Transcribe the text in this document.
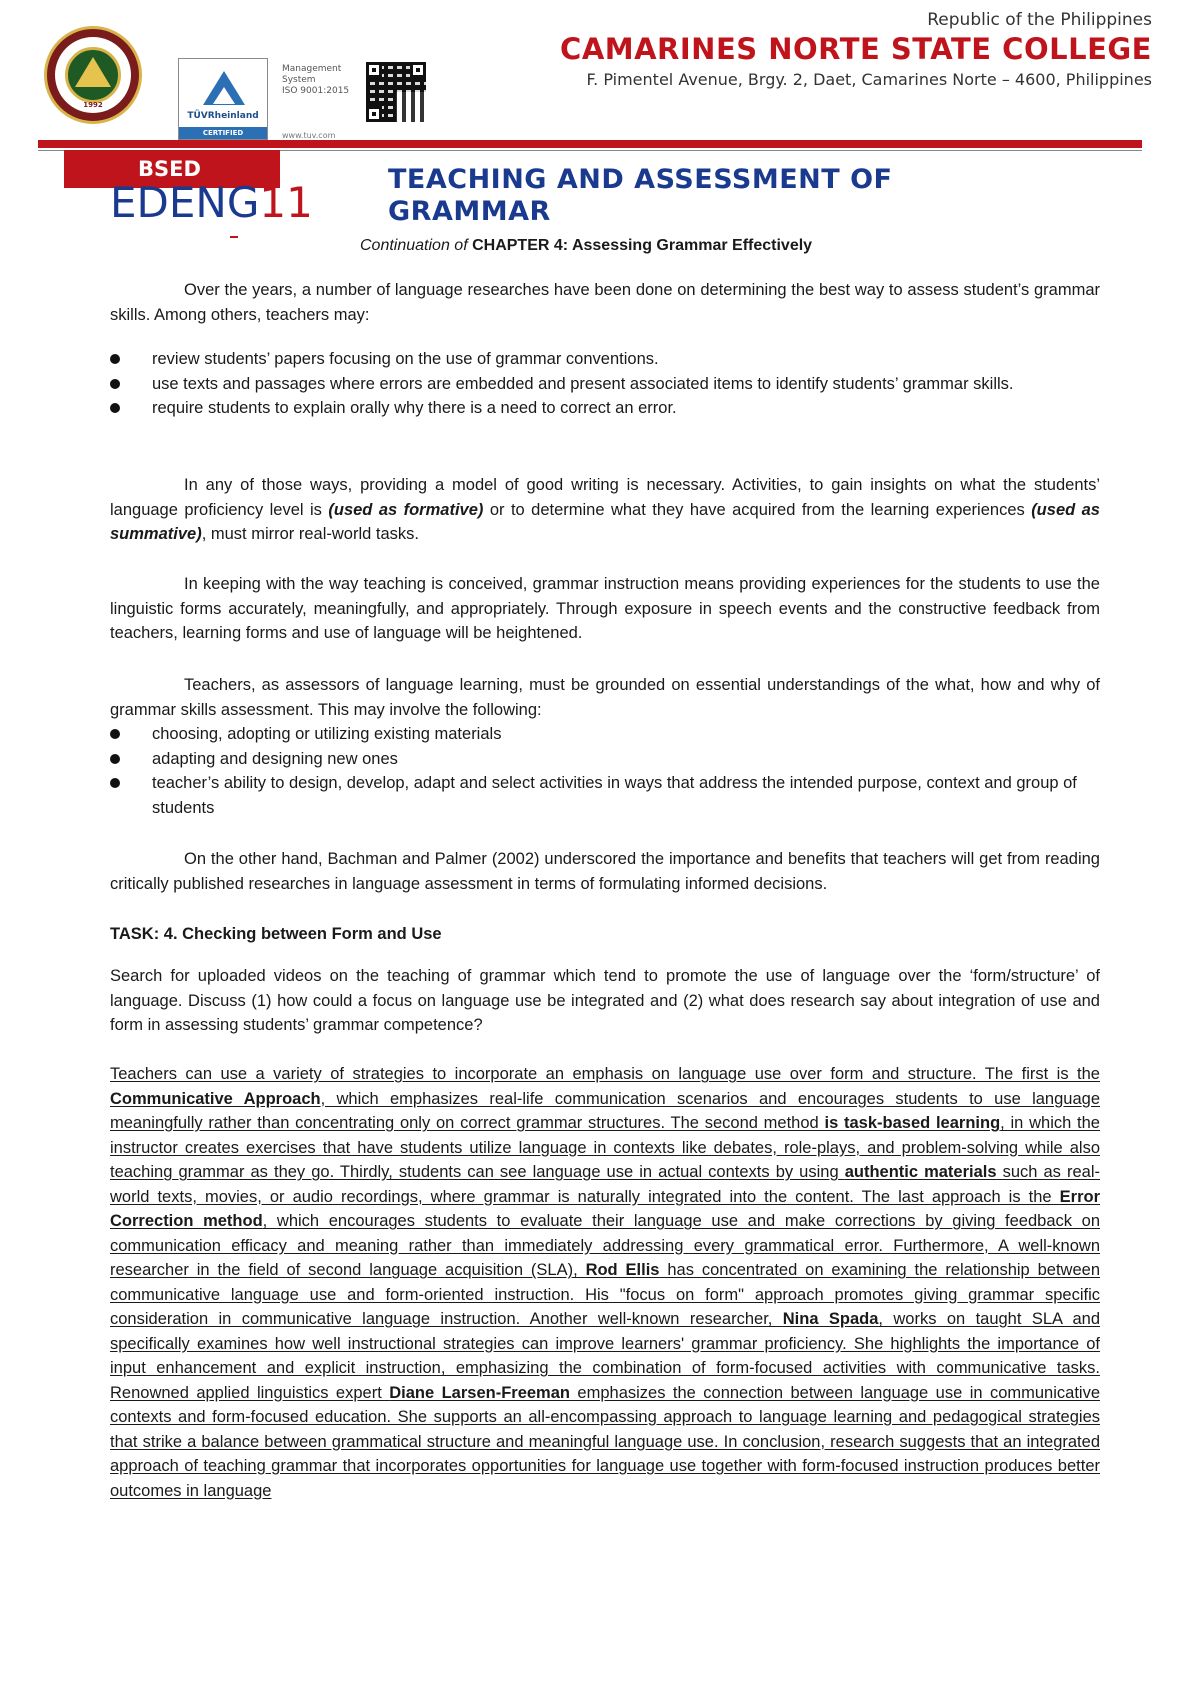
1992
TÜVRheinland
CERTIFIED
Management
System
ISO 9001:2015
www.tuv.com
Republic of the Philippines
CAMARINES NORTE STATE COLLEGE
F. Pimentel Avenue, Brgy. 2, Daet, Camarines Norte – 4600, Philippines
BSED
EDENG11	TEACHING AND ASSESSMENT OF GRAMMAR
Continuation of CHAPTER 4: Assessing Grammar Effectively

Over the years, a number of language researches have been done on determining the best way to assess student’s grammar skills. Among others, teachers may:

review students’ papers focusing on the use of grammar conventions.
use texts and passages where errors are embedded and present associated items to identify students’ grammar skills.
require students to explain orally why there is a need to correct an error.

In any of those ways, providing a model of good writing is necessary. Activities, to gain insights on what the students’ language proficiency level is (used as formative) or to determine what they have acquired from the learning experiences (used as summative), must mirror real-world tasks.

In keeping with the way teaching is conceived, grammar instruction means providing experiences for the students to use the linguistic forms accurately, meaningfully, and appropriately. Through exposure in speech events and the constructive feedback from teachers, learning forms and use of language will be heightened.

Teachers, as assessors of language learning, must be grounded on essential understandings of the what, how and why of grammar skills assessment. This may involve the following:

choosing, adopting or utilizing existing materials
adapting and designing new ones
teacher’s ability to design, develop, adapt and select activities in ways that address the intended purpose, context and group of students

On the other hand, Bachman and Palmer (2002) underscored the importance and benefits that teachers will get from reading critically published researches in language assessment in terms of formulating informed decisions.

TASK: 4. Checking between Form and Use

Search for uploaded videos on the teaching of grammar which tend to promote the use of language over the ‘form/structure’ of language. Discuss (1) how could a focus on language use be integrated and (2) what does research say about integration of use and form in assessing students’ grammar competence?

Teachers can use a variety of strategies to incorporate an emphasis on language use over form and structure. The first is the Communicative Approach, which emphasizes real-life communication scenarios and encourages students to use language meaningfully rather than concentrating only on correct grammar structures. The second method is task-based learning, in which the instructor creates exercises that have students utilize language in contexts like debates, role-plays, and problem-solving while also teaching grammar as they go. Thirdly, students can see language use in actual contexts by using authentic materials such as real-world texts, movies, or audio recordings, where grammar is naturally integrated into the content. The last approach is the Error Correction method, which encourages students to evaluate their language use and make corrections by giving feedback on communication efficacy and meaning rather than immediately addressing every grammatical error. Furthermore, A well-known researcher in the field of second language acquisition (SLA), Rod Ellis has concentrated on examining the relationship between communicative language use and form-oriented instruction. His "focus on form" approach promotes giving grammar specific consideration in communicative language instruction. Another well-known researcher, Nina Spada, works on taught SLA and specifically examines how well instructional strategies can improve learners' grammar proficiency. She highlights the importance of input enhancement and explicit instruction, emphasizing the combination of form-focused activities with communicative tasks. Renowned applied linguistics expert Diane Larsen-Freeman emphasizes the connection between language use in communicative contexts and form-focused education. She supports an all-encompassing approach to language learning and pedagogical strategies that strike a balance between grammatical structure and meaningful language use. In conclusion, research suggests that an integrated approach of teaching grammar that incorporates opportunities for language use together with form-focused instruction produces better outcomes in language
